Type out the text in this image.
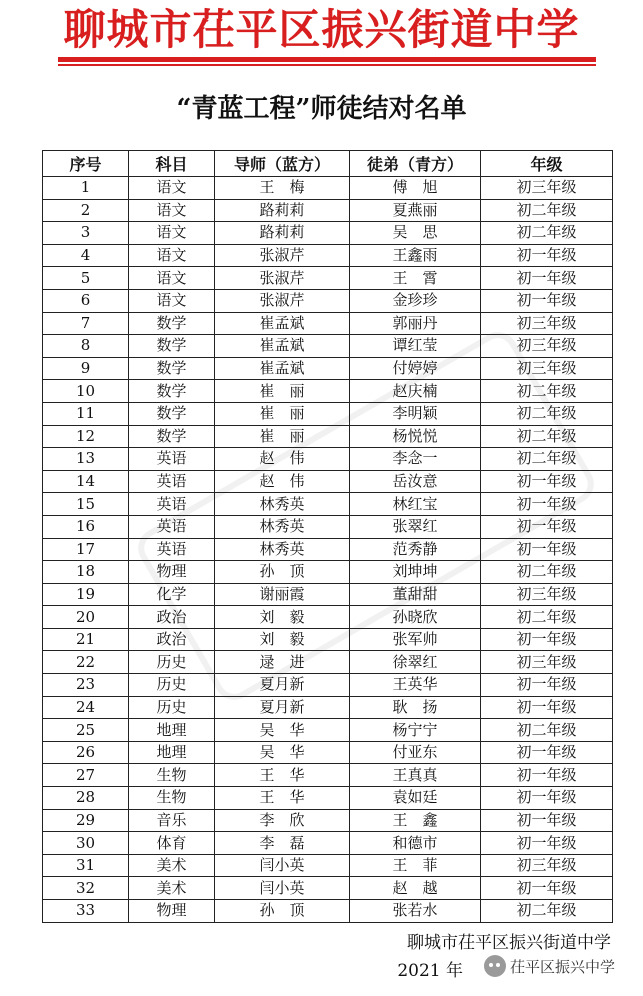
聊城市茌平区振兴街道中学
“青蓝工程”师徒结对名单
序号	科目	导师（蓝方）	徒弟（青方）	年级
1	语文	王　梅	傅　旭	初三年级
2	语文	路莉莉	夏燕丽	初二年级
3	语文	路莉莉	吴　思	初二年级
4	语文	张淑芹	王鑫雨	初一年级
5	语文	张淑芹	王　霄	初一年级
6	语文	张淑芹	金珍珍	初一年级
7	数学	崔孟斌	郭丽丹	初三年级
8	数学	崔孟斌	谭红莹	初三年级
9	数学	崔孟斌	付婷婷	初三年级
10	数学	崔　丽	赵庆楠	初二年级
11	数学	崔　丽	李明颖	初二年级
12	数学	崔　丽	杨悦悦	初二年级
13	英语	赵　伟	李念一	初二年级
14	英语	赵　伟	岳汝意	初一年级
15	英语	林秀英	林红宝	初一年级
16	英语	林秀英	张翠红	初一年级
17	英语	林秀英	范秀静	初一年级
18	物理	孙　顶	刘坤坤	初二年级
19	化学	谢丽霞	董甜甜	初三年级
20	政治	刘　毅	孙晓欣	初二年级
21	政治	刘　毅	张军帅	初一年级
22	历史	逯　进	徐翠红	初三年级
23	历史	夏月新	王英华	初一年级
24	历史	夏月新	耿　扬	初一年级
25	地理	吴　华	杨宁宁	初二年级
26	地理	吴　华	付亚东	初一年级
27	生物	王　华	王真真	初一年级
28	生物	王　华	袁如廷	初一年级
29	音乐	李　欣	王　鑫	初一年级
30	体育	李　磊	和德市	初一年级
31	美术	闫小英	王　菲	初三年级
32	美术	闫小英	赵　越	初一年级
33	物理	孙　顶	张若水	初二年级
聊城市茌平区振兴街道中学
2021 年	茌平区振兴中学
